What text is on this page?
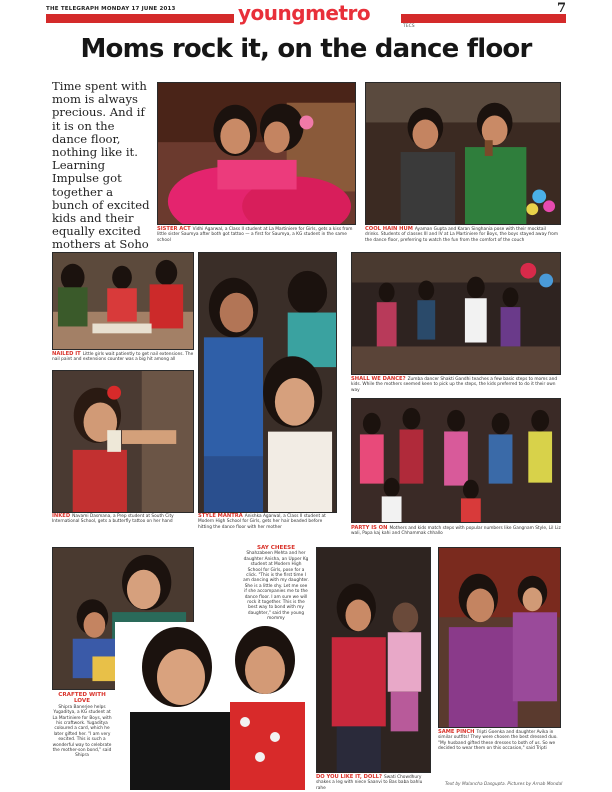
THE TELEGRAPH MONDAY 17 JUNE 2013	youngmetro
TECS
7
Moms rock it, on the dance floor
Time spent with mom is always precious. And if it is on the dance floor, nothing like it. Learning Impulse got together a bunch of excited kids and their equally excited mothers at Soho
SISTER ACT Vidhi Agarwal, a Class II student at La Martiniere for Girls, gets a kiss from little sister Saumya after both got tattoo — a first for Saumya, a KG student in the same school
COOL HAIN HUM Ayaman Gupta and Karan Singhania pose with their mocktail drinks. Students of classes III and IV at La Martiniere for Boys, the boys stayed away from the dance floor, preferring to watch the fun from the comfort of the couch
NAILED IT Little girls wait patiently to get nail extensions. The nail paint and extensions counter was a big hit among all
INKED Navami Dasmana, a Prep student at South City International School, gets a butterfly tattoo on her hand
STYLE MANTRA Anishka Agarwal, a Class II student at Modern High School for Girls, gets her hair beaded before hitting the dance floor with her mother
SHALL WE DANCE? Zumba dancer Shakti Gandhi teaches a few basic steps to moms and kids. While the mothers seemed keen to pick up the steps, the kids preferred to do it their own way
PARTY IS ON Mothers and kids match steps with popular numbers like Gangnam Style, Lil Liz wali, Papa kaj kahi and Chhammak chhallo
CRAFTED WITH LOVE
Shipra Banerjee helps Yugaditya, a KG student at La Martiniere for Boys, with his craftwork. Yugaditya coloured a card, which he later gifted her. "I am very excited. This is such a wonderful way to celebrate the mother-son bond," said Shipra
SAY CHEESE
Shahzabeen Mehta and her daughter Anisha, an Upper Kg student at Modern High School for Girls, pose for a click. "This is the first time I am dancing with my daughter. She is a little shy. Let me see if she accompanies me to the dance floor. I am sure we will rock it together. This is the best way to bond with my daughter," said the young mommy
DO YOU LIKE IT, DOLL? Swati Chowdhury shakes a leg with niece Saanvi to Bas baba bahlu rahe
SAME PINCH Tripti Goenka and daughter Avika in similar outfits! They were chosen the best dressed duo. "My husband gifted these dresses to both of us. So we decided to wear them on this occasion," said Tripti
Text by Malancha Dasgupta. Pictures by Arnab Mondal
